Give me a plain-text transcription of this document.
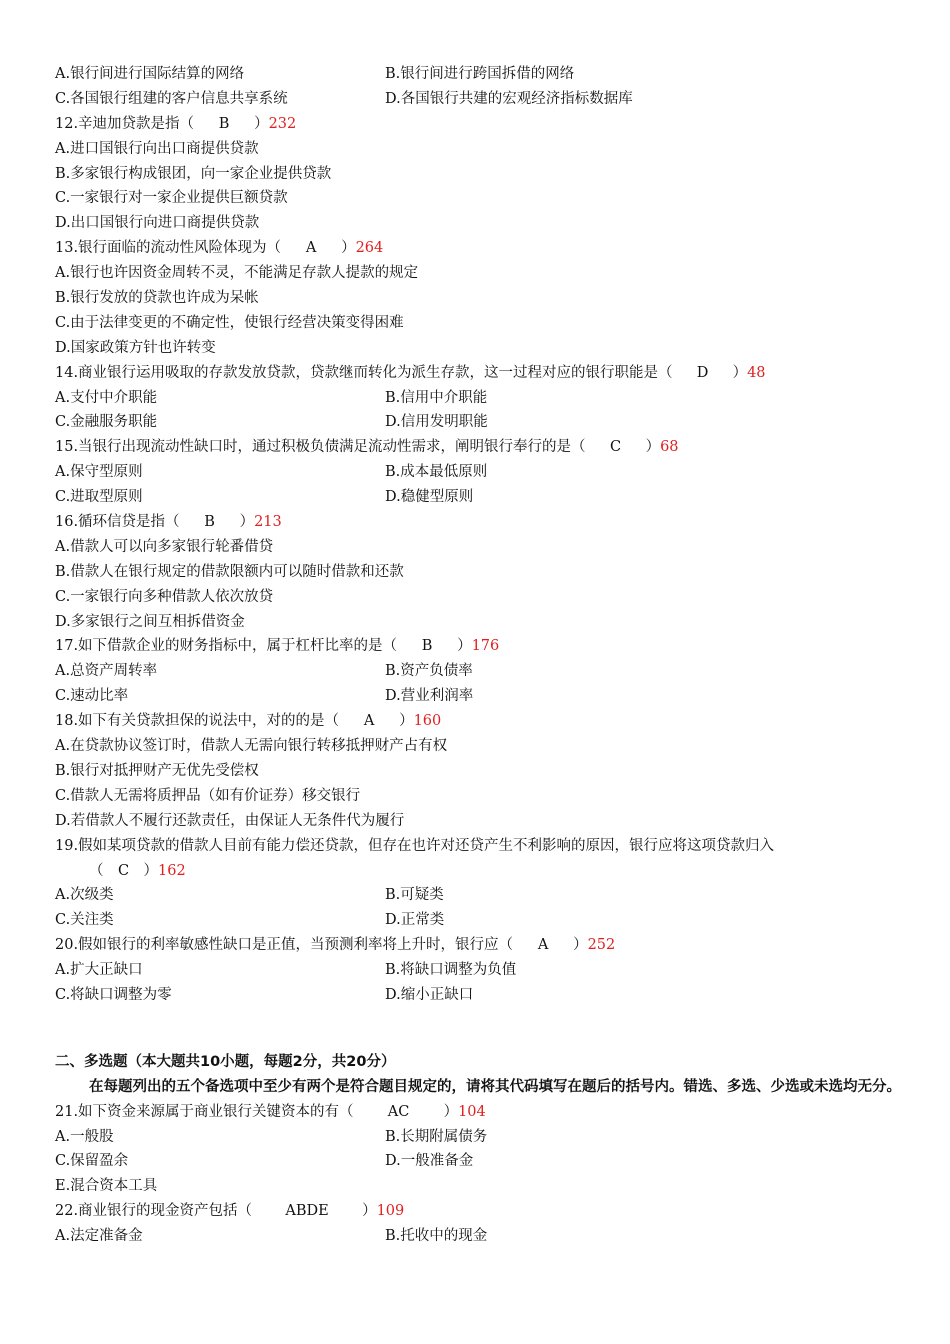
A.银行间进行国际结算的网络	B.银行间进行跨国拆借的网络
C.各国银行组建的客户信息共享系统	D.各国银行共建的宏观经济指标数据库
12.辛迪加贷款是指（ B ）232
A.进口国银行向出口商提供贷款
B.多家银行构成银团，向一家企业提供贷款
C.一家银行对一家企业提供巨额贷款
D.出口国银行向进口商提供贷款
13.银行面临的流动性风险体现为（ A ）264
A.银行也许因资金周转不灵，不能满足存款人提款的规定
B.银行发放的贷款也许成为呆帐
C.由于法律变更的不确定性，使银行经营决策变得困难
D.国家政策方针也许转变
14.商业银行运用吸取的存款发放贷款，贷款继而转化为派生存款，这一过程对应的银行职能是（ D ）48
A.支付中介职能	B.信用中介职能
C.金融服务职能	D.信用发明职能
15.当银行出现流动性缺口时，通过积极负债满足流动性需求，阐明银行奉行的是（ C ）68
A.保守型原则	B.成本最低原则
C.进取型原则	D.稳健型原则
16.循环信贷是指（ B ）213
A.借款人可以向多家银行轮番借贷
B.借款人在银行规定的借款限额内可以随时借款和还款
C.一家银行向多种借款人依次放贷
D.多家银行之间互相拆借资金
17.如下借款企业的财务指标中，属于杠杆比率的是（ B ）176
A.总资产周转率	B.资产负债率
C.速动比率	D.营业利润率
18.如下有关贷款担保的说法中，对的的是（ A ）160
A.在贷款协议签订时，借款人无需向银行转移抵押财产占有权
B.银行对抵押财产无优先受偿权
C.借款人无需将质押品（如有价证券）移交银行
D.若借款人不履行还款责任，由保证人无条件代为履行
19.假如某项贷款的借款人目前有能力偿还贷款，但存在也许对还贷产生不利影响的原因，银行应将这项贷款归入
（ C ）162
A.次级类	B.可疑类
C.关注类	D.正常类
20.假如银行的利率敏感性缺口是正值，当预测利率将上升时，银行应（ A ）252
A.扩大正缺口	B.将缺口调整为负值
C.将缺口调整为零	D.缩小正缺口
二、多选题（本大题共10小题，每题2分，共20分）
在每题列出的五个备选项中至少有两个是符合题目规定的，请将其代码填写在题后的括号内。错选、多选、少选或未选均无分。
21.如下资金来源属于商业银行关键资本的有（ AC ）104
A.一般股	B.长期附属债务
C.保留盈余	D.一般准备金
E.混合资本工具
22.商业银行的现金资产包括（ ABDE ）109
A.法定准备金	B.托收中的现金
